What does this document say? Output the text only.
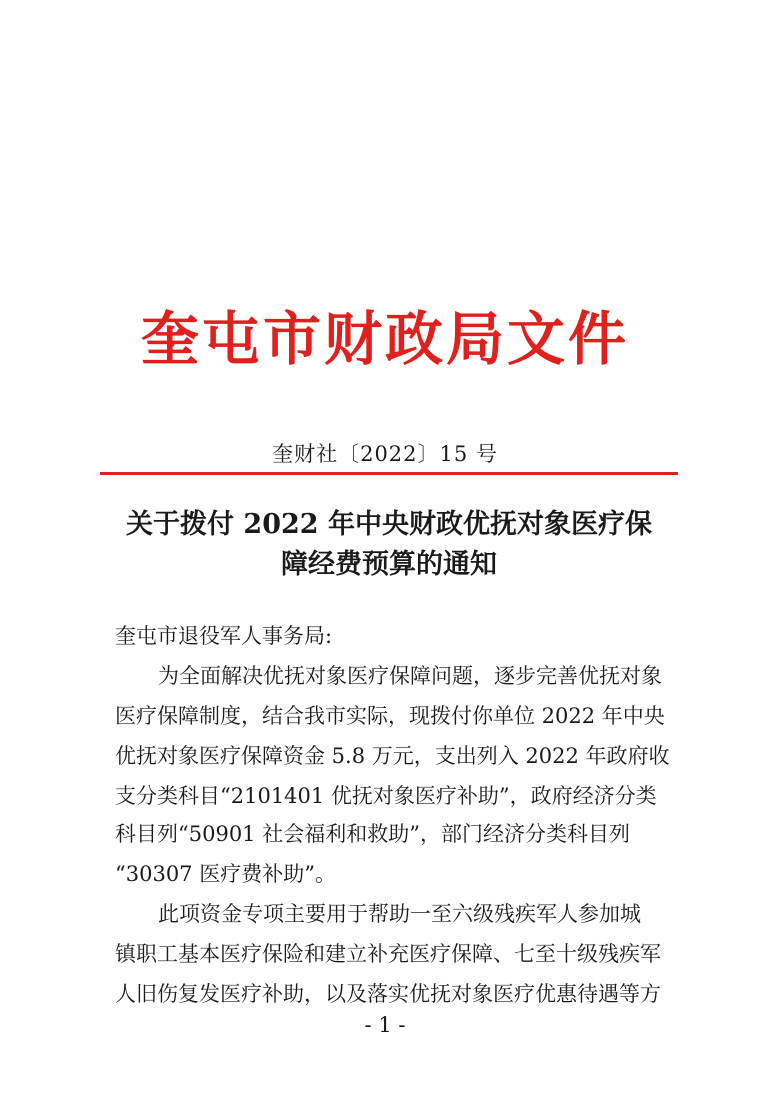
奎屯市财政局文件
奎财社〔2022〕15 号
关于拨付 2022 年中央财政优抚对象医疗保
障经费预算的通知
奎屯市退役军人事务局:
为全面解决优抚对象医疗保障问题，逐步完善优抚对象
医疗保障制度，结合我市实际，现拨付你单位 2022 年中央
优抚对象医疗保障资金 5.8 万元，支出列入 2022 年政府收
支分类科目“2101401 优抚对象医疗补助”，政府经济分类
科目列“50901 社会福利和救助”，部门经济分类科目列
“30307 医疗费补助”。
此项资金专项主要用于帮助一至六级残疾军人参加城
镇职工基本医疗保险和建立补充医疗保障、七至十级残疾军
人旧伤复发医疗补助，以及落实优抚对象医疗优惠待遇等方
- 1 -
